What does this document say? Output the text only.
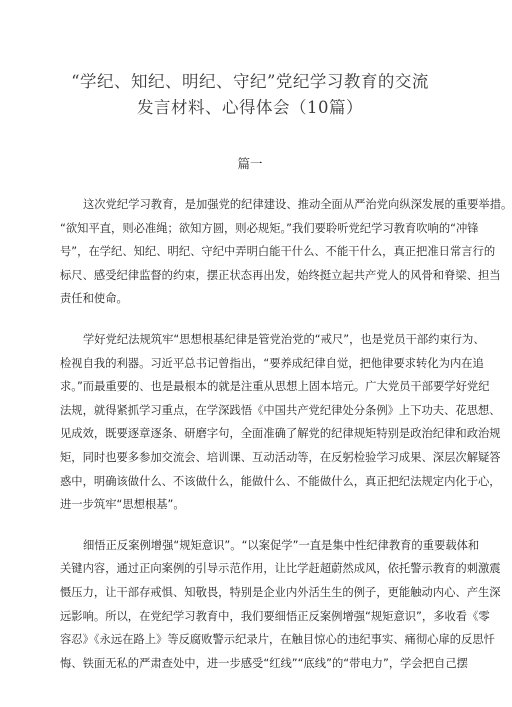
“学纪、知纪、明纪、守纪”党纪学习教育的交流
发言材料、心得体会（10篇）
篇一
这次党纪学习教育，是加强党的纪律建设、推动全面从严治党向纵深发展的重要举措。
“欲知平直，则必准绳；欲知方圆，则必规矩。”我们要聆听党纪学习教育吹响的“冲锋
号”，在学纪、知纪、明纪、守纪中弄明白能干什么、不能干什么，真正把准日常言行的
标尺、感受纪律监督的约束，摆正状态再出发，始终挺立起共产党人的风骨和脊梁、担当
责任和使命。
学好党纪法规筑牢“思想根基纪律是管党治党的“戒尺”，也是党员干部约束行为、
检视自我的利器。习近平总书记曾指出，“要养成纪律自觉，把他律要求转化为内在追
求。”而最重要的、也是最根本的就是注重从思想上固本培元。广大党员干部要学好党纪
法规，就得紧抓学习重点，在学深践悟《中国共产党纪律处分条例》上下功夫、花思想、
见成效，既要逐章逐条、研磨字句，全面准确了解党的纪律规矩特别是政治纪律和政治规
矩，同时也要多参加交流会、培训课、互动活动等，在反躬检验学习成果、深层次解疑答
惑中，明确该做什么、不该做什么，能做什么、不能做什么，真正把纪法规定内化于心，
进一步筑牢“思想根基”。
细悟正反案例增强“规矩意识”。“以案促学”一直是集中性纪律教育的重要载体和
关键内容，通过正向案例的引导示范作用，让比学赶超蔚然成风，依托警示教育的刺激震
慑压力，让干部存戒惧、知敬畏，特别是企业内外活生生的例子，更能触动内心、产生深
远影响。所以，在党纪学习教育中，我们要细悟正反案例增强“规矩意识”，多收看《零
容忍》《永远在路上》等反腐败警示纪录片，在触目惊心的违纪事实、痛彻心扉的反思忏
悔、铁面无私的严肃查处中，进一步感受“红线”“底线”的“带电力”，学会把自己摆
